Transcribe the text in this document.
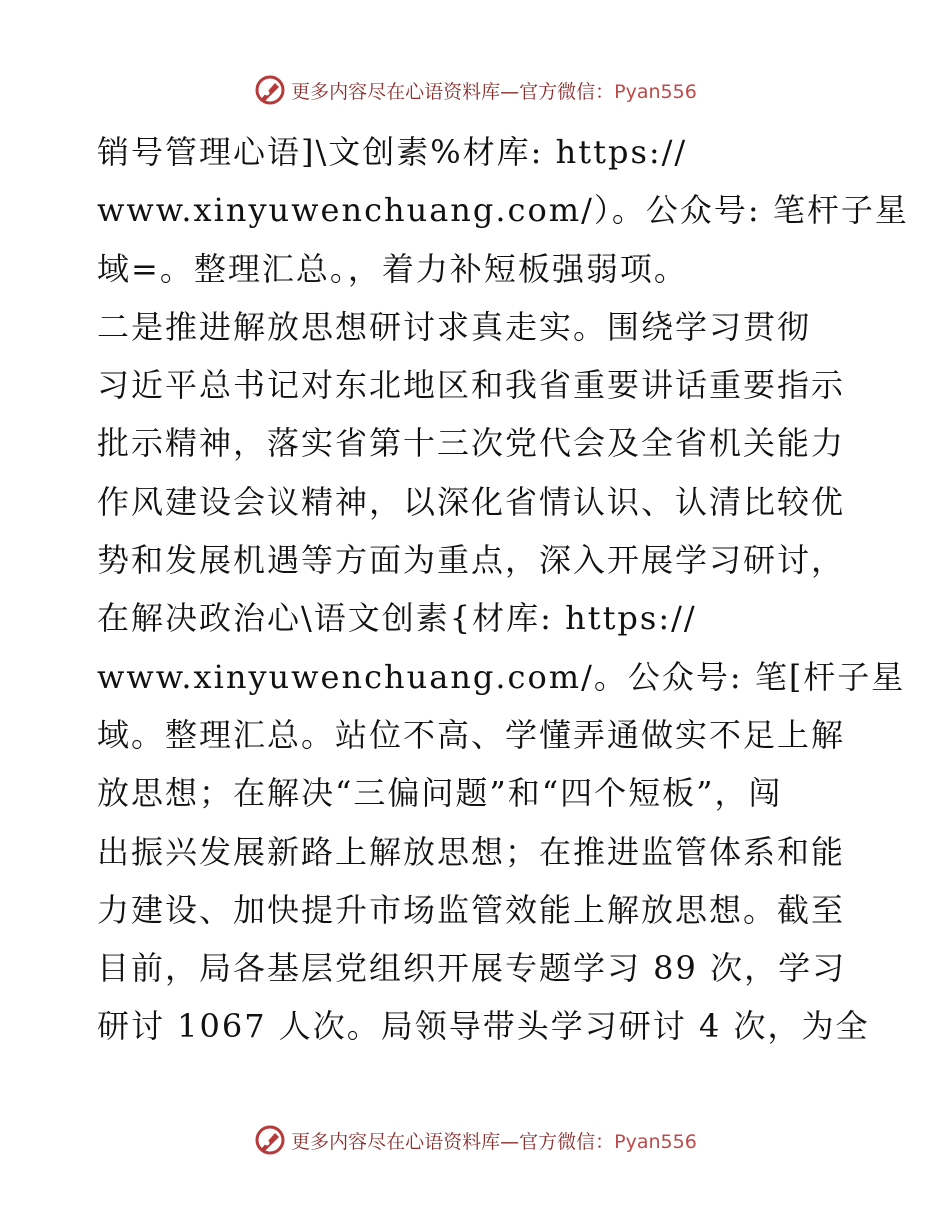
更多内容尽在心语资料库—官方微信：Pyan556
销号管理心语]\文创素%材库: https://
www.xinyuwenchuang.com/）。公众号: 笔杆子星
域=。整理汇总。，着力补短板强弱项。
二是推进解放思想研讨求真走实。围绕学习贯彻
习近平总书记对东北地区和我省重要讲话重要指示
批示精神，落实省第十三次党代会及全省机关能力
作风建设会议精神，以深化省情认识、认清比较优
势和发展机遇等方面为重点，深入开展学习研讨，
在解决政治心\语文创素{材库: https://
www.xinyuwenchuang.com/。公众号: 笔[杆子星
域。整理汇总。站位不高、学懂弄通做实不足上解
放思想；在解决“三偏问题”和“四个短板”，闯
出振兴发展新路上解放思想；在推进监管体系和能
力建设、加快提升市场监管效能上解放思想。截至
目前，局各基层党组织开展专题学习 89 次，学习
研讨 1067 人次。局领导带头学习研讨 4 次，为全
更多内容尽在心语资料库—官方微信：Pyan556
